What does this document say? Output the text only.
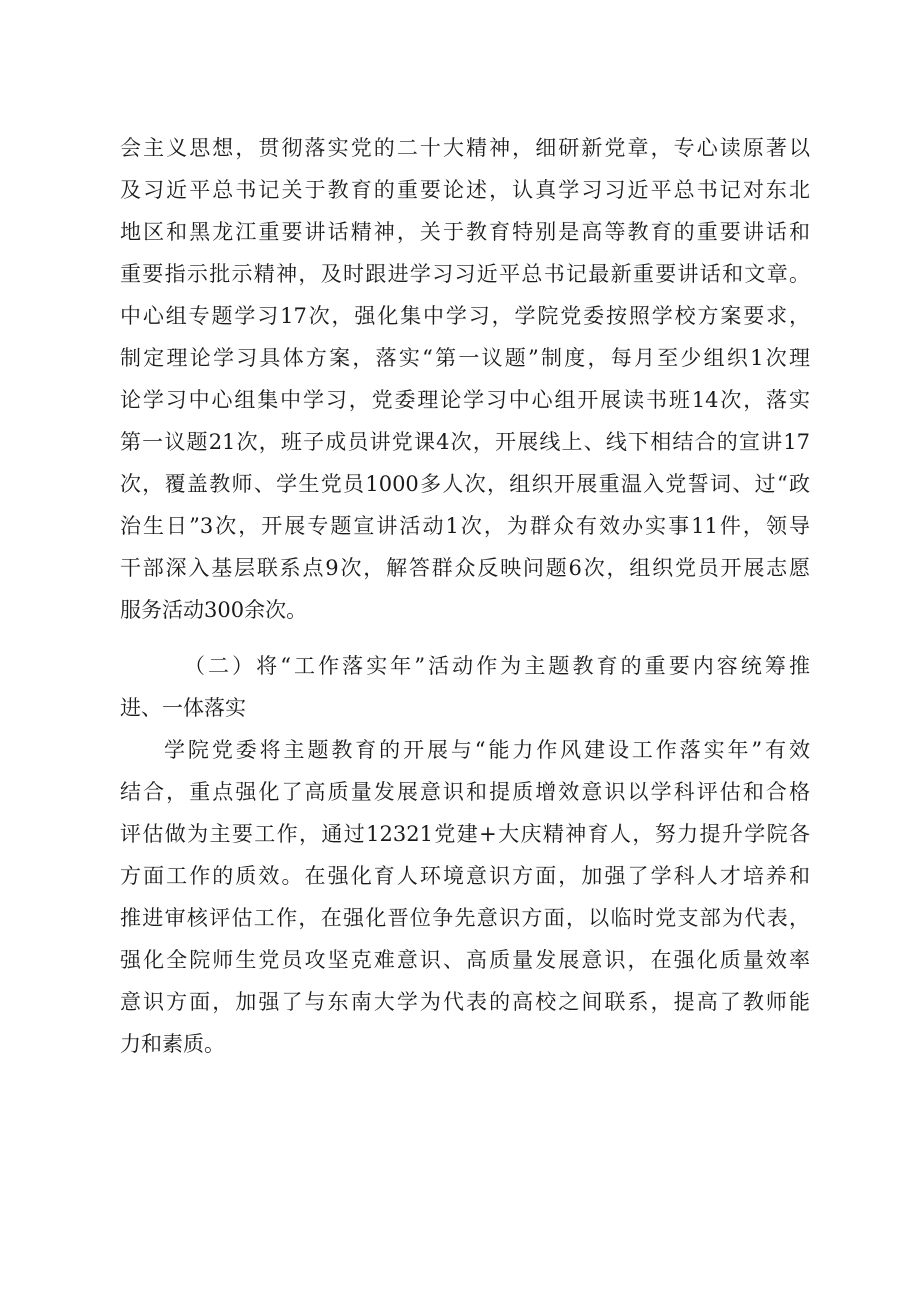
会主义思想，贯彻落实党的二十大精神，细研新党章，专心读原著以
及习近平总书记关于教育的重要论述，认真学习习近平总书记对东北
地区和黑龙江重要讲话精神，关于教育特别是高等教育的重要讲话和
重要指示批示精神，及时跟进学习习近平总书记最新重要讲话和文章。
中心组专题学习17次，强化集中学习，学院党委按照学校方案要求，
制定理论学习具体方案，落实“第一议题”制度，每月至少组织1次理
论学习中心组集中学习，党委理论学习中心组开展读书班14次，落实
第一议题21次，班子成员讲党课4次，开展线上、线下相结合的宣讲17
次，覆盖教师、学生党员1000多人次，组织开展重温入党誓词、过“政
治生日”3次，开展专题宣讲活动1次，为群众有效办实事11件，领导
干部深入基层联系点9次，解答群众反映问题6次，组织党员开展志愿
服务活动300余次。
（二）将“工作落实年”活动作为主题教育的重要内容统筹推
进、一体落实
学院党委将主题教育的开展与“能力作风建设工作落实年”有效
结合，重点强化了高质量发展意识和提质增效意识以学科评估和合格
评估做为主要工作，通过12321党建+大庆精神育人，努力提升学院各
方面工作的质效。在强化育人环境意识方面，加强了学科人才培养和
推进审核评估工作，在强化晋位争先意识方面，以临时党支部为代表，
强化全院师生党员攻坚克难意识、高质量发展意识，在强化质量效率
意识方面，加强了与东南大学为代表的高校之间联系，提高了教师能
力和素质。
